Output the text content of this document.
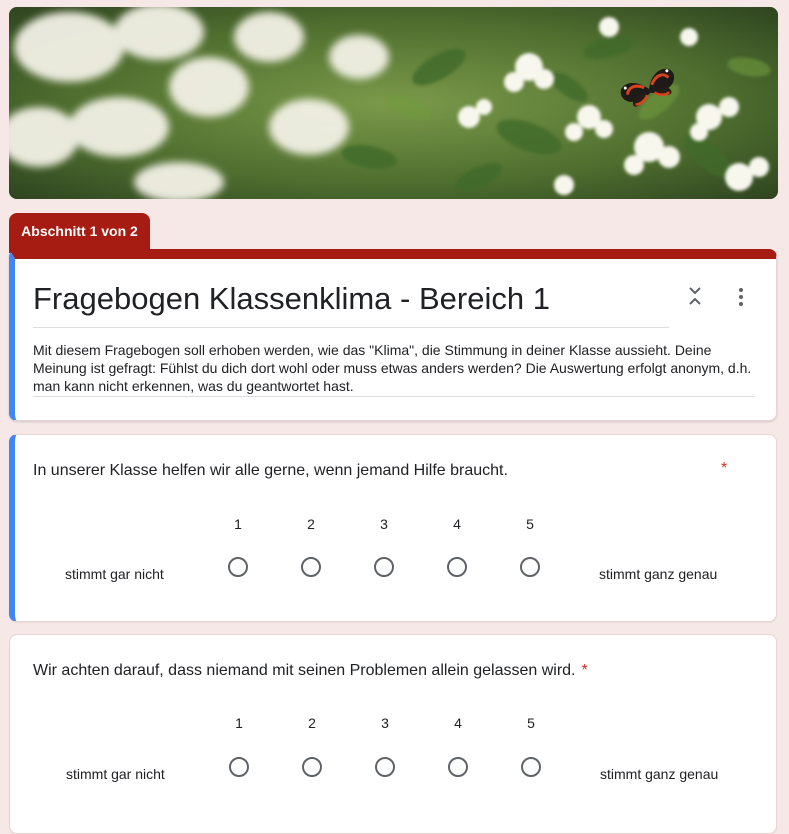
Abschnitt 1 von 2
Fragebogen Klassenklima - Bereich 1
Mit diesem Fragebogen soll erhoben werden, wie das "Klima", die Stimmung in deiner Klasse aussieht. Deine Meinung ist gefragt: Fühlst du dich dort wohl oder muss etwas anders werden? Die Auswertung erfolgt anonym, d.h. man kann nicht erkennen, was du geantwortet hast.
In unserer Klasse helfen wir alle gerne, wenn jemand Hilfe braucht.	*
1	2	3	4	5
stimmt gar nicht	stimmt ganz genau
Wir achten darauf, dass niemand mit seinen Problemen allein gelassen wird. *
1	2	3	4	5
stimmt gar nicht	stimmt ganz genau
